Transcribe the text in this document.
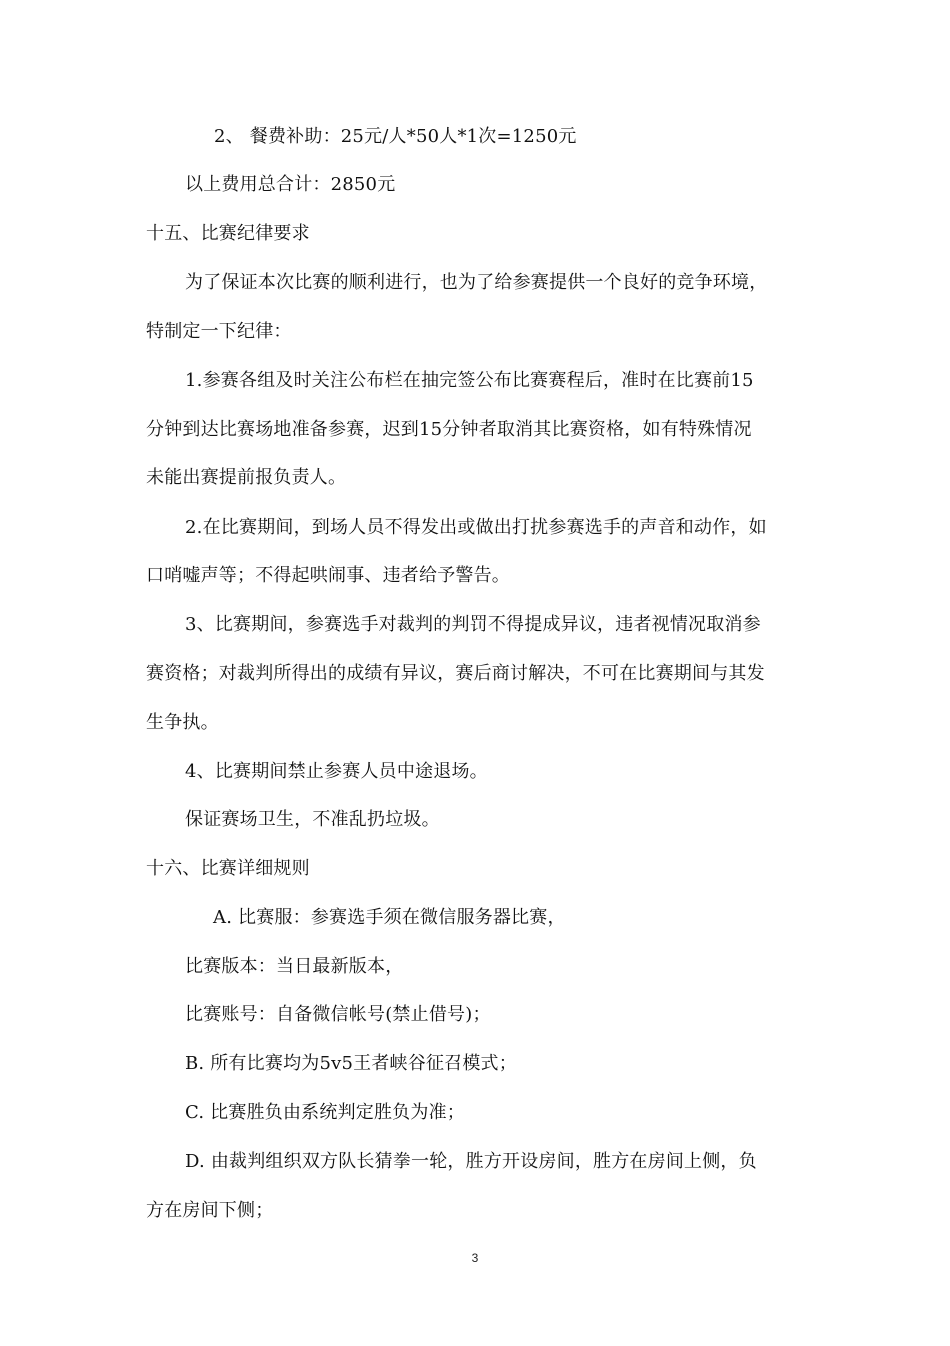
2、 餐费补助：25元/人*50人*1次=1250元
以上费用总合计：2850元
十五、比赛纪律要求
为了保证本次比赛的顺利进行，也为了给参赛提供一个良好的竞争环境，
特制定一下纪律：
1.参赛各组及时关注公布栏在抽完签公布比赛赛程后，准时在比赛前15
分钟到达比赛场地准备参赛，迟到15分钟者取消其比赛资格，如有特殊情况
未能出赛提前报负责人。
2.在比赛期间，到场人员不得发出或做出打扰参赛选手的声音和动作，如
口哨嘘声等；不得起哄闹事、违者给予警告。
3、比赛期间，参赛选手对裁判的判罚不得提成异议，违者视情况取消参
赛资格；对裁判所得出的成绩有异议，赛后商讨解决，不可在比赛期间与其发
生争执。
4、比赛期间禁止参赛人员中途退场。
保证赛场卫生，不准乱扔垃圾。
十六、比赛详细规则
A. 比赛服：参赛选手须在微信服务器比赛，
比赛版本：当日最新版本，
比赛账号：自备微信帐号(禁止借号)；
B. 所有比赛均为5v5王者峡谷征召模式；
C. 比赛胜负由系统判定胜负为准；
D. 由裁判组织双方队长猜拳一轮，胜方开设房间，胜方在房间上侧，负
方在房间下侧；
3
